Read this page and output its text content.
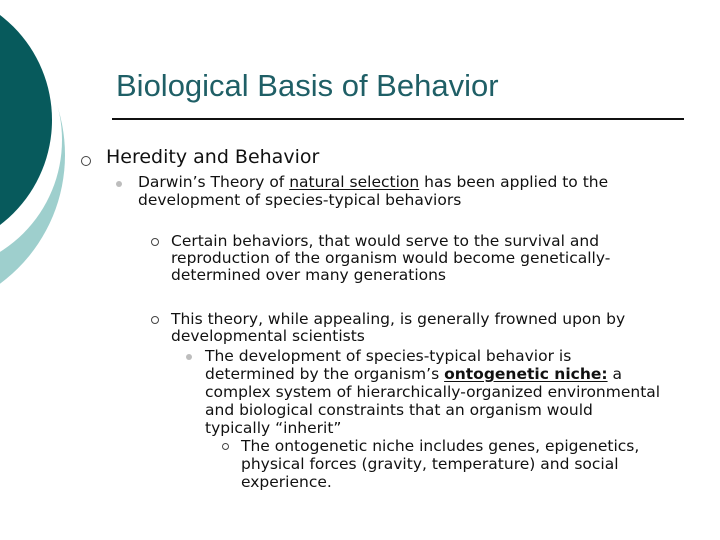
Biological Basis of Behavior
Heredity and Behavior
Darwin’s Theory of natural selection has been applied to the
development of species-typical behaviors
Certain behaviors, that would serve to the survival and
reproduction of the organism would become genetically-
determined over many generations
This theory, while appealing, is generally frowned upon by
developmental scientists
The development of species-typical behavior is
determined by the organism’s ontogenetic niche: a
complex system of hierarchically-organized environmental
and biological constraints that an organism would
typically “inherit”
The ontogenetic niche includes genes, epigenetics,
physical forces (gravity, temperature) and social
experience.
